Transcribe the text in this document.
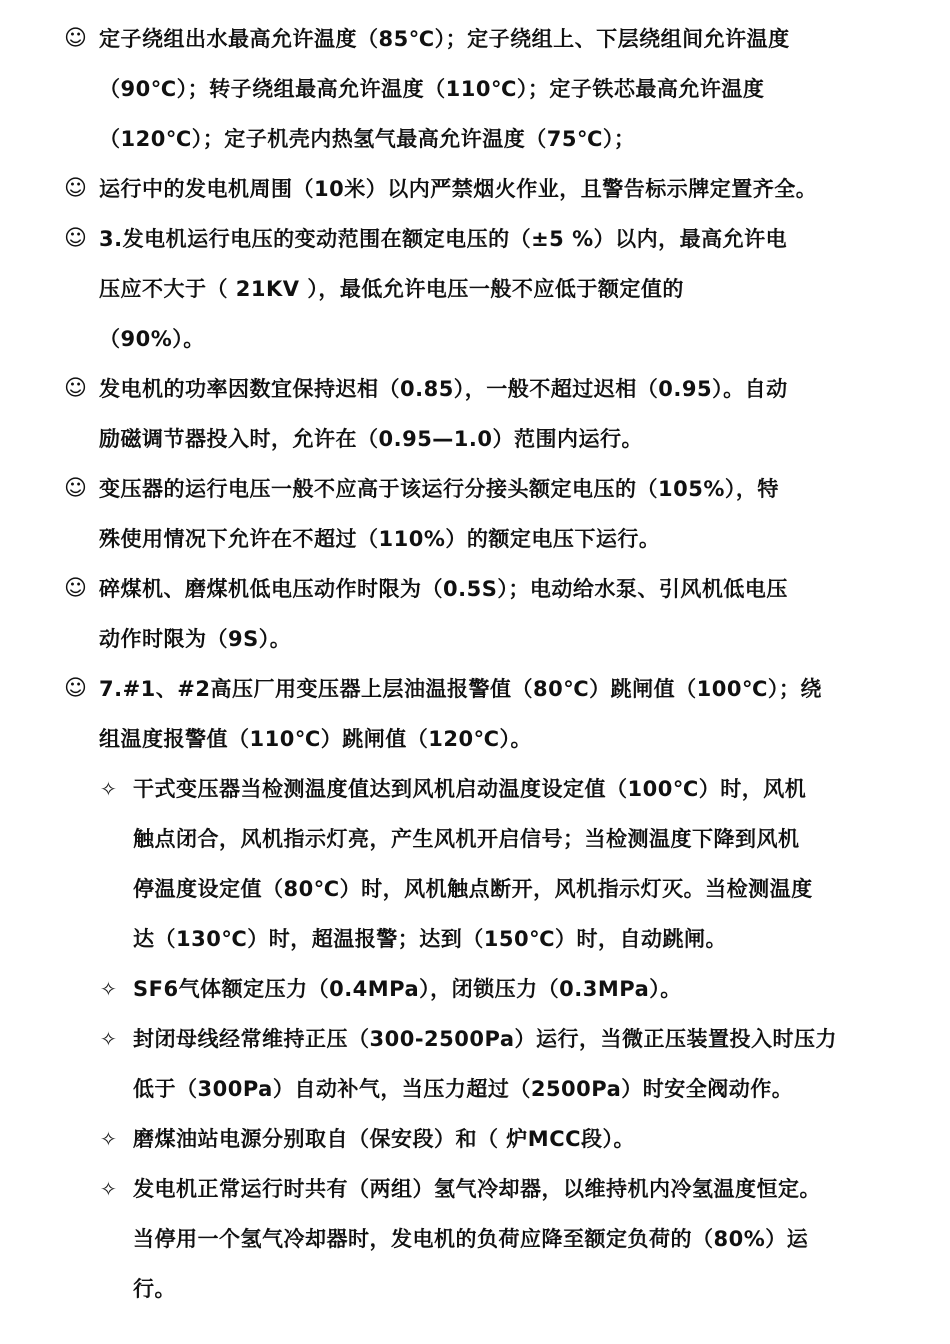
☺ 定子绕组出水最高允许温度（85℃）；定子绕组上、下层绕组间允许温度
（90℃）；转子绕组最高允许温度（110℃）；定子铁芯最高允许温度
（120℃）；定子机壳内热氢气最高允许温度（75℃）；
☺ 运行中的发电机周围（10米）以内严禁烟火作业，且警告标示牌定置齐全。
☺ 3.发电机运行电压的变动范围在额定电压的（±5 %）以内，最高允许电
压应不大于（ 21KV ），最低允许电压一般不应低于额定值的
（90%）。
☺ 发电机的功率因数宜保持迟相（0.85），一般不超过迟相（0.95）。自动
励磁调节器投入时，允许在（0.95—1.0）范围内运行。
☺ 变压器的运行电压一般不应高于该运行分接头额定电压的（105%），特
殊使用情况下允许在不超过（110%）的额定电压下运行。
☺ 碎煤机、磨煤机低电压动作时限为（0.5S）；电动给水泵、引风机低电压
动作时限为（9S）。
☺ 7.#1、#2高压厂用变压器上层油温报警值（80℃）跳闸值（100℃）；绕
组温度报警值（110℃）跳闸值（120℃）。
✧ 干式变压器当检测温度值达到风机启动温度设定值（100℃）时，风机
触点闭合，风机指示灯亮，产生风机开启信号；当检测温度下降到风机
停温度设定值（80℃）时，风机触点断开，风机指示灯灭。当检测温度
达（130℃）时，超温报警；达到（150℃）时，自动跳闸。
✧ SF6气体额定压力（0.4MPa），闭锁压力（0.3MPa）。
✧ 封闭母线经常维持正压（300-2500Pa）运行，当微正压装置投入时压力
低于（300Pa）自动补气，当压力超过（2500Pa）时安全阀动作。
✧ 磨煤油站电源分别取自（保安段）和（ 炉MCC段）。
✧ 发电机正常运行时共有（两组）氢气冷却器，以维持机内冷氢温度恒定。
当停用一个氢气冷却器时，发电机的负荷应降至额定负荷的（80%）运
行。
